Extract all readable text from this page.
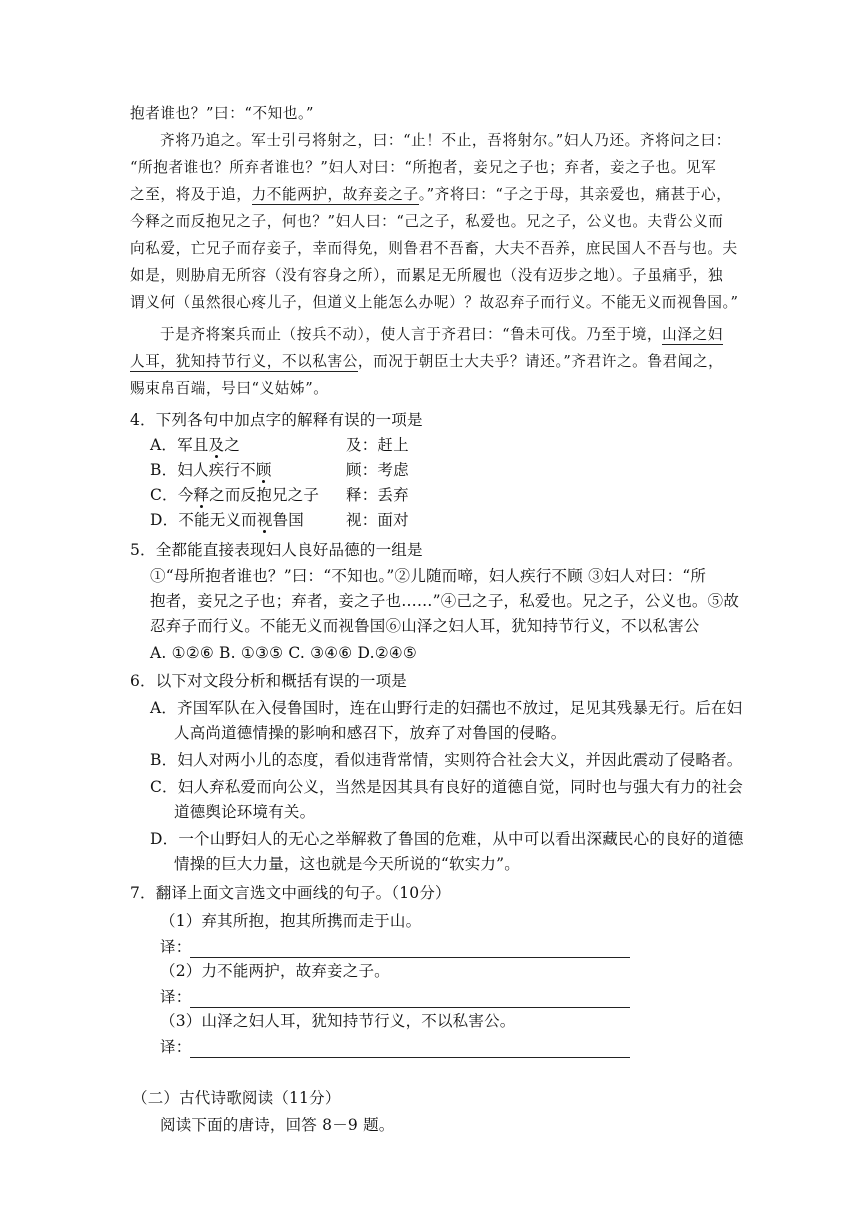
抱者谁也？”曰：“不知也。”
齐将乃追之。军士引弓将射之，曰：“止！不止，吾将射尔。”妇人乃还。齐将问之曰：
“所抱者谁也？所弃者谁也？”妇人对曰：“所抱者，妾兄之子也；弃者，妾之子也。见军
之至，将及于追，力不能两护，故弃妾之子。”齐将曰：“子之于母，其亲爱也，痛甚于心，
今释之而反抱兄之子，何也？”妇人曰：“己之子，私爱也。兄之子，公义也。夫背公义而
向私爱，亡兄子而存妾子，幸而得免，则鲁君不吾畜，大夫不吾养，庶民国人不吾与也。夫
如是，则胁肩无所容（没有容身之所），而累足无所履也（没有迈步之地）。子虽痛乎，独
谓义何（虽然很心疼儿子，但道义上能怎么办呢）？故忍弃子而行义。不能无义而视鲁国。”
于是齐将案兵而止（按兵不动），使人言于齐君曰：“鲁未可伐。乃至于境，山泽之妇
人耳，犹知持节行义，不以私害公，而况于朝臣士大夫乎？请还。”齐君许之。鲁君闻之，
赐束帛百端，号曰“义姑姊”。
4．下列各句中加点字的解释有误的一项是
A．军且及之	及：赶上
B．妇人疾行不顾	顾：考虑
C．今释之而反抱兄之子 释：丢弃
D．不能无义而视鲁国	视：面对
5．全都能直接表现妇人良好品德的一组是
①“母所抱者谁也？”曰：“不知也。”②儿随而啼，妇人疾行不顾 ③妇人对曰：“所
抱者，妾兄之子也；弃者，妾之子也……”④己之子，私爱也。兄之子，公义也。⑤故
忍弃子而行义。不能无义而视鲁国⑥山泽之妇人耳，犹知持节行义，不以私害公
A. ①②⑥ B. ①③⑤ C. ③④⑥ D.②④⑤
6．以下对文段分析和概括有误的一项是
A．齐国军队在入侵鲁国时，连在山野行走的妇孺也不放过，足见其残暴无行。后在妇
人高尚道德情操的影响和感召下，放弃了对鲁国的侵略。
B．妇人对两小儿的态度，看似违背常情，实则符合社会大义，并因此震动了侵略者。
C．妇人弃私爱而向公义，当然是因其具有良好的道德自觉，同时也与强大有力的社会
道德舆论环境有关。
D．一个山野妇人的无心之举解救了鲁国的危难，从中可以看出深藏民心的良好的道德
情操的巨大力量，这也就是今天所说的“软实力”。
7．翻译上面文言选文中画线的句子。（10分）
（1）弃其所抱，抱其所携而走于山。
译：
（2）力不能两护，故弃妾之子。
译：
（3）山泽之妇人耳，犹知持节行义，不以私害公。
译：
（二）古代诗歌阅读（11分）
阅读下面的唐诗，回答 8－9 题。
